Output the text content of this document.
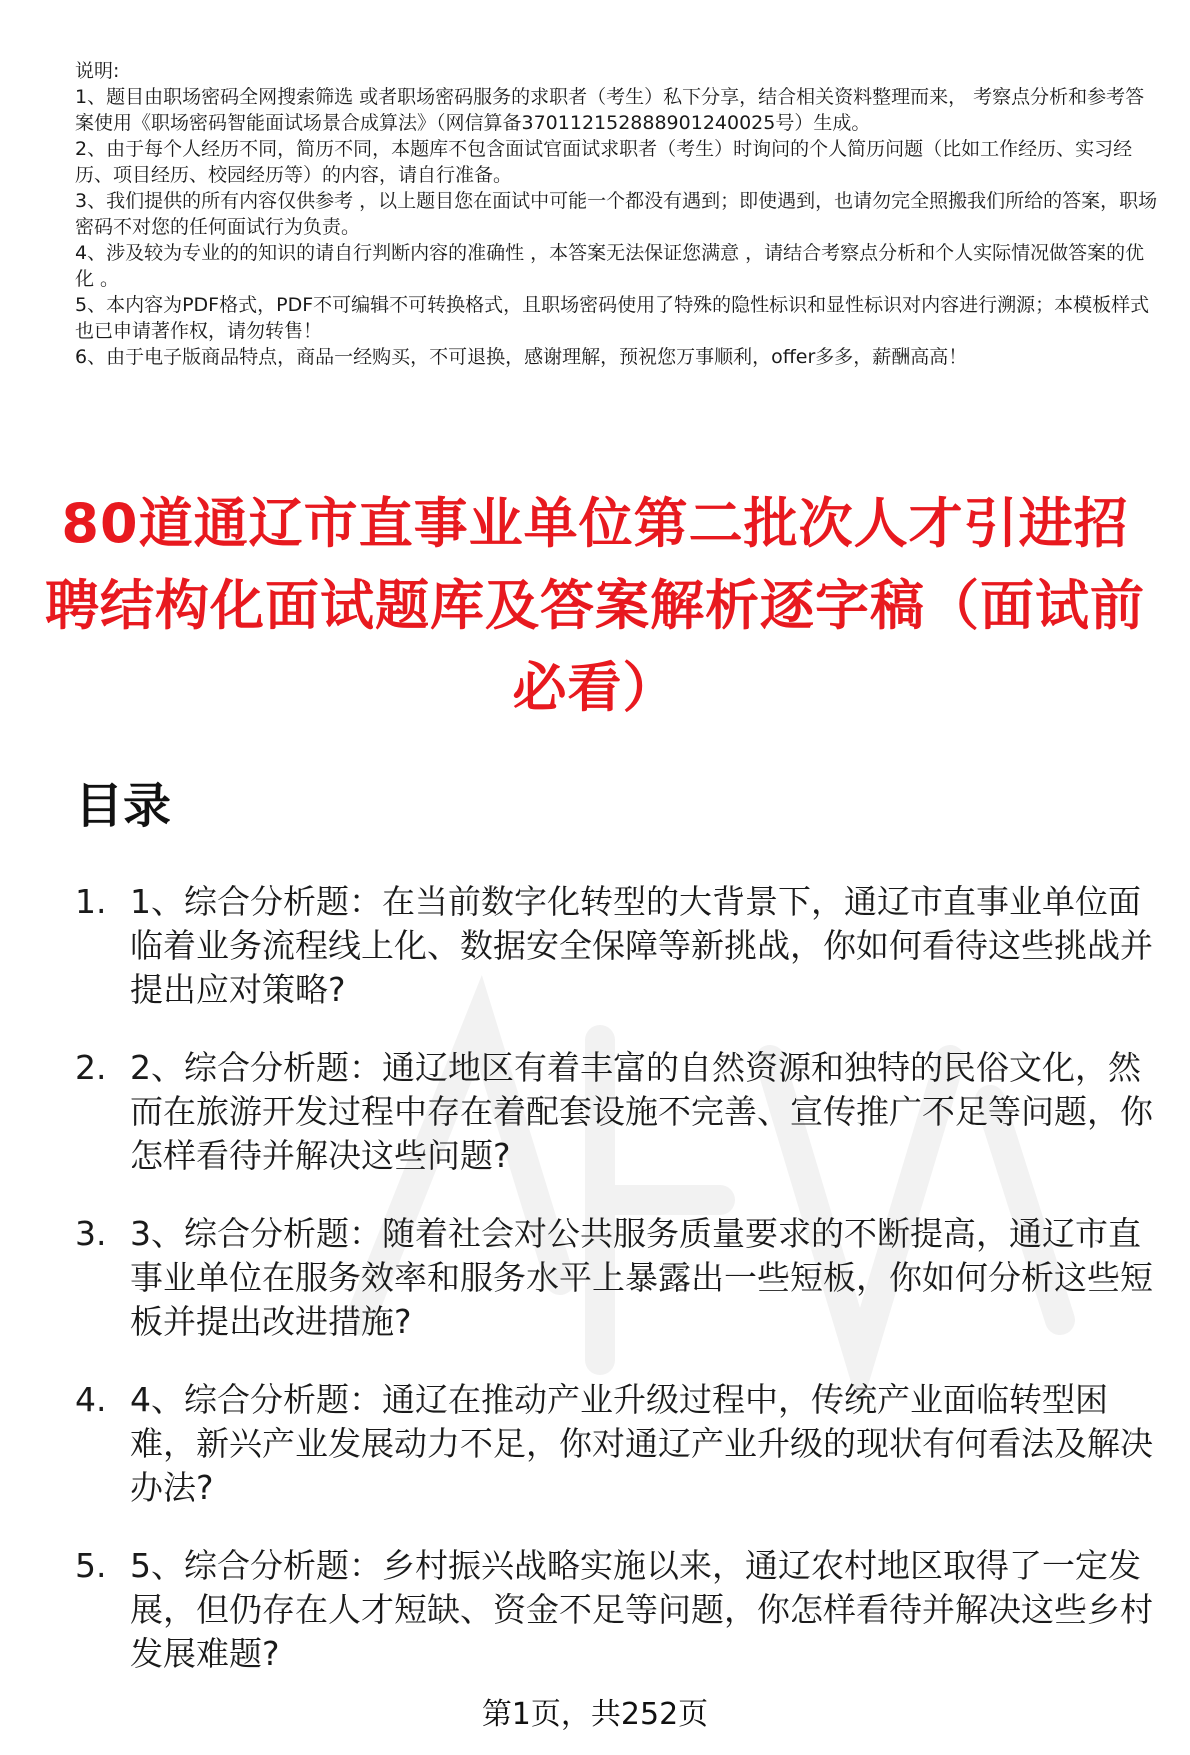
说明:

1、题目由职场密码全网搜索筛选 或者职场密码服务的求职者（考生）私下分享，结合相关资料整理而来， 考察点分析和参考答案使用《职场密码智能面试场景合成算法》（网信算备370112152888901240025号）生成。

2、由于每个人经历不同，简历不同，本题库不包含面试官面试求职者（考生）时询问的个人简历问题（比如工作经历、实习经历、项目经历、校园经历等）的内容，请自行准备。

3、我们提供的所有内容仅供参考 ，以上题目您在面试中可能一个都没有遇到；即使遇到，也请勿完全照搬我们所给的答案，职场密码不对您的任何面试行为负责。

4、涉及较为专业的的知识的请自行判断内容的准确性 ，本答案无法保证您满意 ，请结合考察点分析和个人实际情况做答案的优化 。

5、本内容为PDF格式，PDF不可编辑不可转换格式，且职场密码使用了特殊的隐性标识和显性标识对内容进行溯源；本模板样式也已申请著作权，请勿转售！

6、由于电子版商品特点，商品一经购买，不可退换，感谢理解，预祝您万事顺利，offer多多，薪酬高高！

80道通辽市直事业单位第二批次人才引进招聘结构化面试题库及答案解析逐字稿（面试前必看）
目录
1. 1、综合分析题：在当前数字化转型的大背景下，通辽市直事业单位面临着业务流程线上化、数据安全保障等新挑战，你如何看待这些挑战并提出应对策略?
2. 2、综合分析题：通辽地区有着丰富的自然资源和独特的民俗文化，然而在旅游开发过程中存在着配套设施不完善、宣传推广不足等问题，你怎样看待并解决这些问题?
3. 3、综合分析题：随着社会对公共服务质量要求的不断提高，通辽市直事业单位在服务效率和服务水平上暴露出一些短板，你如何分析这些短板并提出改进措施?
4. 4、综合分析题：通辽在推动产业升级过程中，传统产业面临转型困难，新兴产业发展动力不足，你对通辽产业升级的现状有何看法及解决办法?
5. 5、综合分析题：乡村振兴战略实施以来，通辽农村地区取得了一定发展，但仍存在人才短缺、资金不足等问题，你怎样看待并解决这些乡村发展难题?
第1页，共252页
